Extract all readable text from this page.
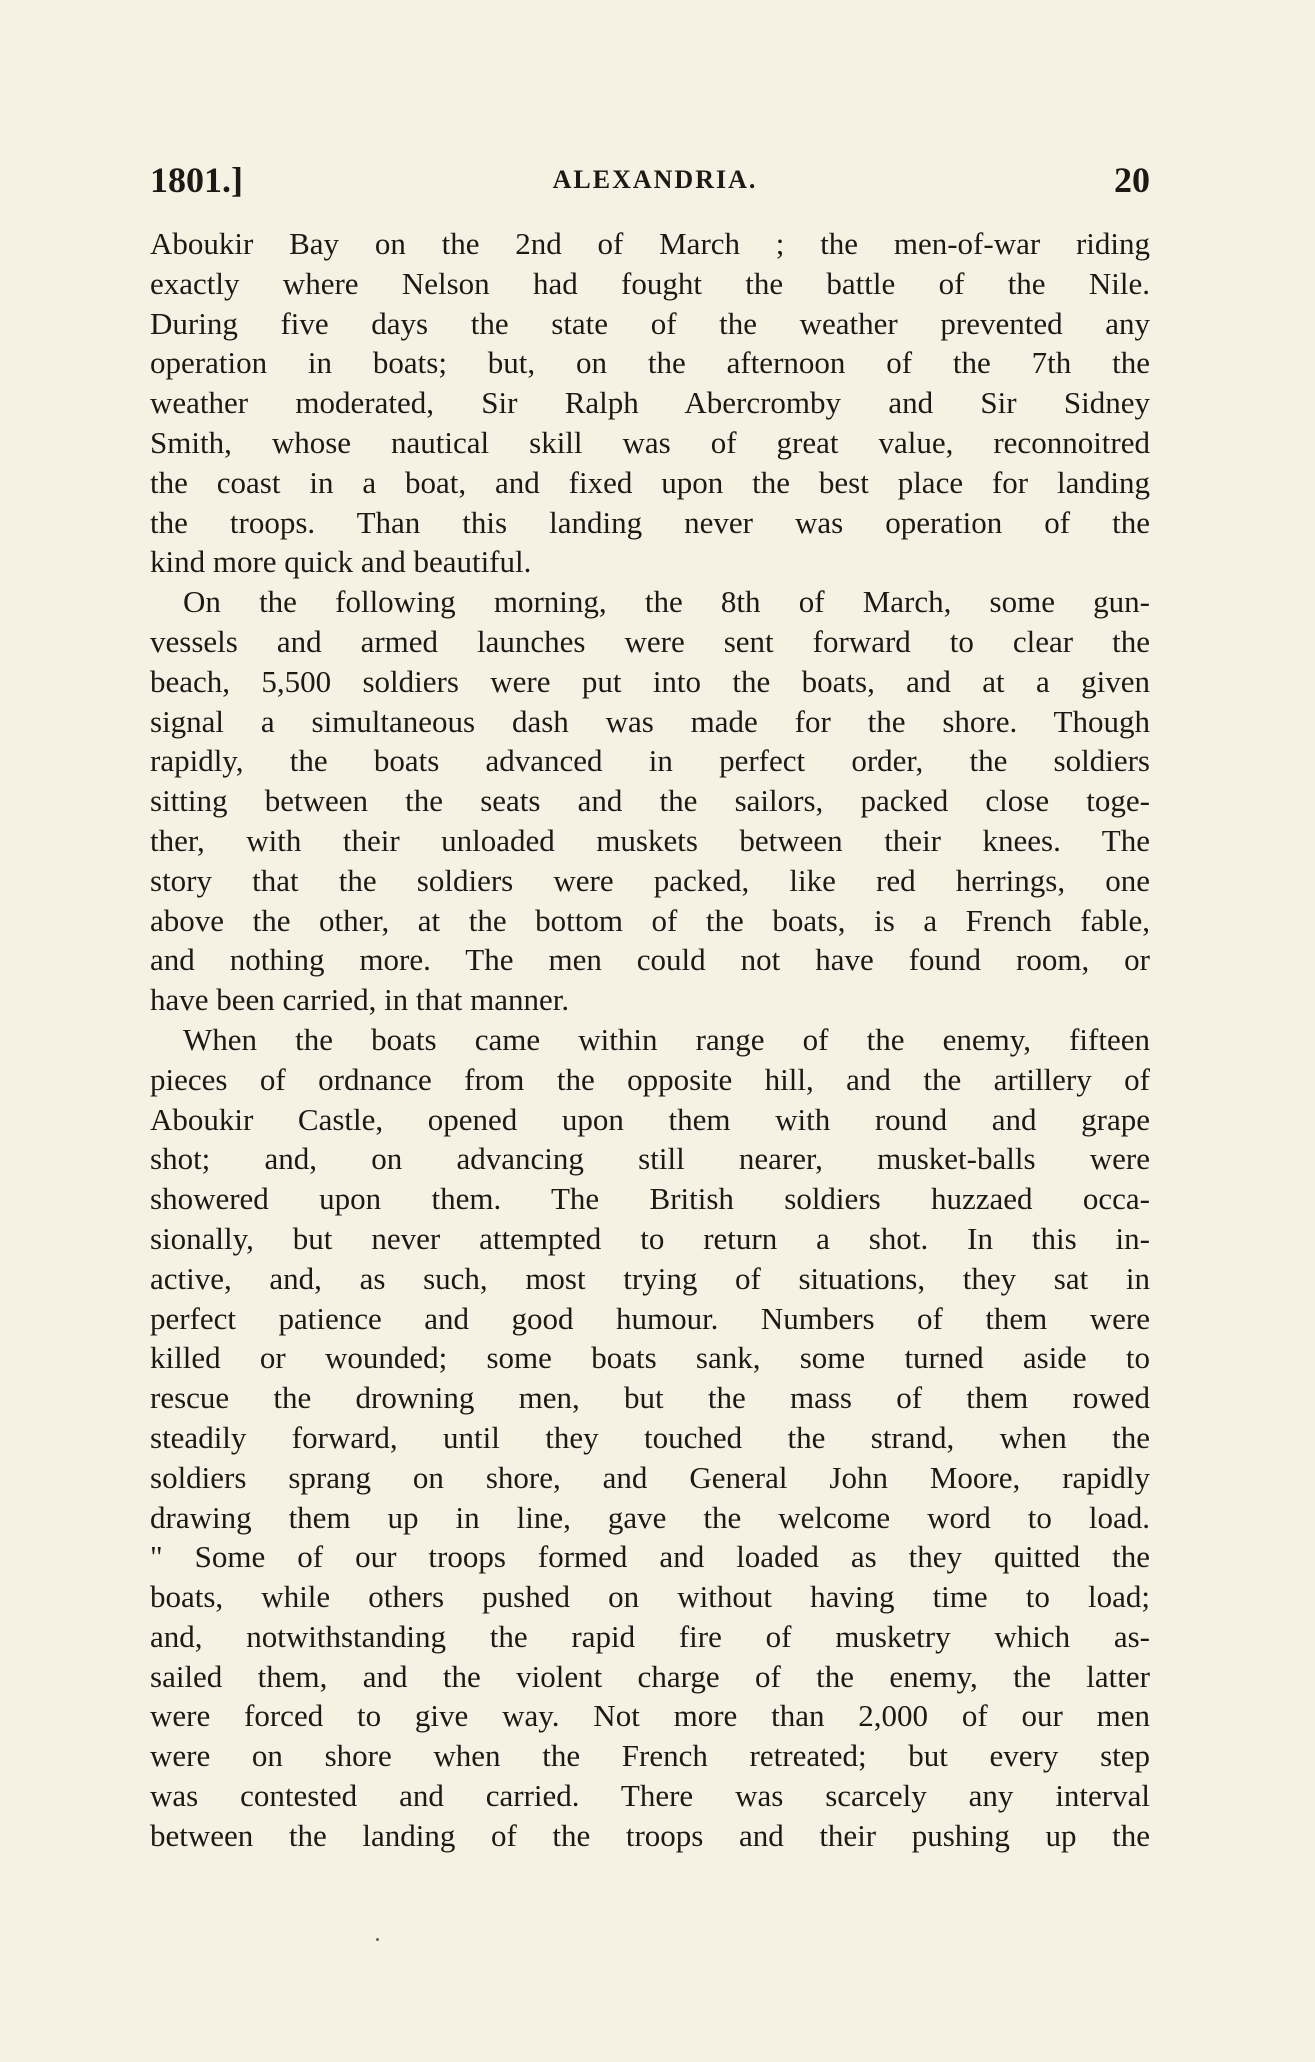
1801.]	ALEXANDRIA.	20
Aboukir Bay on the 2nd of March ; the men-of-war riding
exactly where Nelson had fought the battle of the Nile.
During five days the state of the weather prevented any
operation in boats; but, on the afternoon of the 7th the
weather moderated, Sir Ralph Abercromby and Sir Sidney
Smith, whose nautical skill was of great value, reconnoitred
the coast in a boat, and fixed upon the best place for landing
the troops. Than this landing never was operation of the
kind more quick and beautiful.
On the following morning, the 8th of March, some gun-
vessels and armed launches were sent forward to clear the
beach, 5,500 soldiers were put into the boats, and at a given
signal a simultaneous dash was made for the shore. Though
rapidly, the boats advanced in perfect order, the soldiers
sitting between the seats and the sailors, packed close toge-
ther, with their unloaded muskets between their knees. The
story that the soldiers were packed, like red herrings, one
above the other, at the bottom of the boats, is a French fable,
and nothing more. The men could not have found room, or
have been carried, in that manner.
When the boats came within range of the enemy, fifteen
pieces of ordnance from the opposite hill, and the artillery of
Aboukir Castle, opened upon them with round and grape
shot; and, on advancing still nearer, musket-balls were
showered upon them. The British soldiers huzzaed occa-
sionally, but never attempted to return a shot. In this in-
active, and, as such, most trying of situations, they sat in
perfect patience and good humour. Numbers of them were
killed or wounded; some boats sank, some turned aside to
rescue the drowning men, but the mass of them rowed
steadily forward, until they touched the strand, when the
soldiers sprang on shore, and General John Moore, rapidly
drawing them up in line, gave the welcome word to load.
" Some of our troops formed and loaded as they quitted the
boats, while others pushed on without having time to load;
and, notwithstanding the rapid fire of musketry which as-
sailed them, and the violent charge of the enemy, the latter
were forced to give way. Not more than 2,000 of our men
were on shore when the French retreated; but every step
was contested and carried. There was scarcely any interval
between the landing of the troops and their pushing up the
